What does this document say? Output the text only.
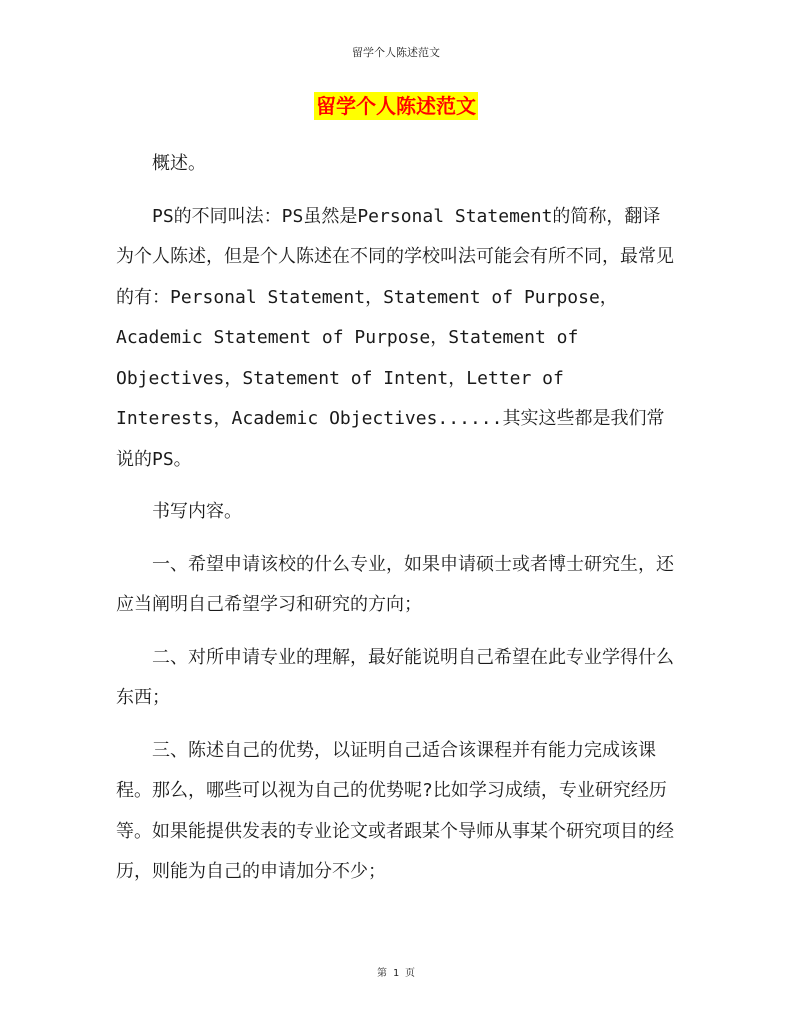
留学个人陈述范文
留学个人陈述范文

概述。

PS的不同叫法：PS虽然是Personal Statement的简称，翻译为个人陈述，但是个人陈述在不同的学校叫法可能会有所不同，最常见的有：Personal Statement，Statement of Purpose，Academic Statement of Purpose，Statement of Objectives，Statement of Intent，Letter of Interests，Academic Objectives......其实这些都是我们常说的PS。

书写内容。

一、希望申请该校的什么专业，如果申请硕士或者博士研究生，还应当阐明自己希望学习和研究的方向；

二、对所申请专业的理解，最好能说明自己希望在此专业学得什么东西；

三、陈述自己的优势，以证明自己适合该课程并有能力完成该课程。那么，哪些可以视为自己的优势呢?比如学习成绩，专业研究经历等。如果能提供发表的专业论文或者跟某个导师从事某个研究项目的经历，则能为自己的申请加分不少；

第 1 页
